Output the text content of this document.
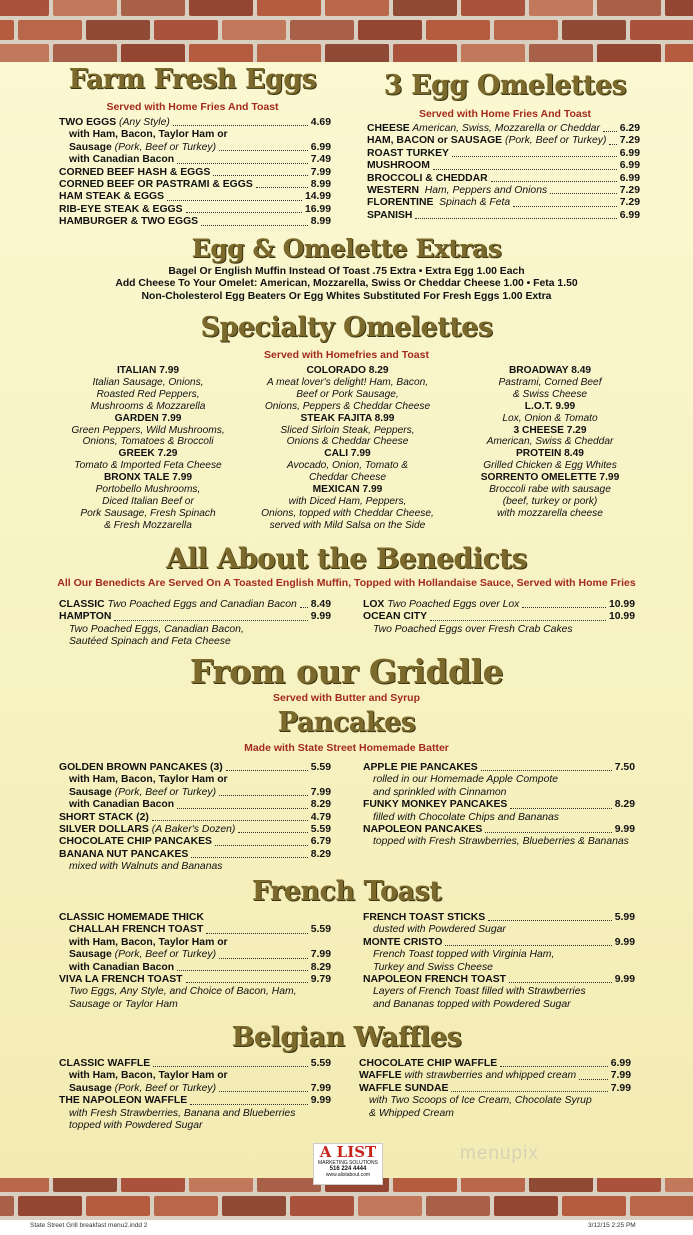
Farm Fresh Eggs
Served with Home Fries And Toast
TWO EGGS (Any Style)	4.69
with Ham, Bacon, Taylor Ham or
Sausage (Pork, Beef or Turkey)	6.99
with Canadian Bacon	7.49
CORNED BEEF HASH & EGGS	7.99
CORNED BEEF OR PASTRAMI & EGGS	8.99
HAM STEAK & EGGS	14.99
RIB-EYE STEAK & EGGS	16.99
HAMBURGER & TWO EGGS	8.99
3 Egg Omelettes
Served with Home Fries And Toast
CHEESE American, Swiss, Mozzarella or Cheddar 6.29
HAM, BACON or SAUSAGE (Pork, Beef or Turkey) 7.29
ROAST TURKEY	6.99
MUSHROOM	6.99
BROCCOLI & CHEDDAR	6.99
WESTERN Ham, Peppers and Onions	7.29
FLORENTINE Spinach & Feta	7.29
SPANISH	6.99
Egg & Omelette Extras
Bagel Or English Muffin Instead Of Toast .75 Extra • Extra Egg 1.00 Each
Add Cheese To Your Omelet: American, Mozzarella, Swiss Or Cheddar Cheese 1.00 • Feta 1.50
Non-Cholesterol Egg Beaters Or Egg Whites Substituted For Fresh Eggs 1.00 Extra
Specialty Omelettes
Served with Homefries and Toast
ITALIAN 7.99
Italian Sausage, Onions,
Roasted Red Peppers,
Mushrooms & Mozzarella
GARDEN 7.99
Green Peppers, Wild Mushrooms,
Onions, Tomatoes & Broccoli
GREEK 7.29
Tomato & Imported Feta Cheese
BRONX TALE 7.99
Portobello Mushrooms,
Diced Italian Beef or
Pork Sausage, Fresh Spinach
& Fresh Mozzarella
COLORADO 8.29
A meat lover's delight! Ham, Bacon,
Beef or Pork Sausage,
Onions, Peppers & Cheddar Cheese
STEAK FAJITA 8.99
Sliced Sirloin Steak, Peppers,
Onions & Cheddar Cheese
CALI 7.99
Avocado, Onion, Tomato &
Cheddar Cheese
MEXICAN 7.99
with Diced Ham, Peppers,
Onions, topped with Cheddar Cheese,
served with Mild Salsa on the Side
BROADWAY 8.49
Pastrami, Corned Beef
& Swiss Cheese
L.O.T. 9.99
Lox, Onion & Tomato
3 CHEESE 7.29
American, Swiss & Cheddar
PROTEIN 8.49
Grilled Chicken & Egg Whites
SORRENTO OMELETTE 7.99
Broccoli rabe with sausage
(beef, turkey or pork)
with mozzarella cheese
All About the Benedicts
All Our Benedicts Are Served On A Toasted English Muffin, Topped with Hollandaise Sauce, Served with Home Fries
CLASSIC Two Poached Eggs and Canadian Bacon 8.49
HAMPTON	9.99
Two Poached Eggs, Canadian Bacon,
Sautéed Spinach and Feta Cheese
LOX Two Poached Eggs over Lox	10.99
OCEAN CITY	10.99
Two Poached Eggs over Fresh Crab Cakes
From our Griddle
Served with Butter and Syrup
Pancakes
Made with State Street Homemade Batter
GOLDEN BROWN PANCAKES (3)	5.59
with Ham, Bacon, Taylor Ham or
Sausage (Pork, Beef or Turkey)	7.99
with Canadian Bacon	8.29
SHORT STACK (2)	4.79
SILVER DOLLARS (A Baker's Dozen)	5.59
CHOCOLATE CHIP PANCAKES	6.79
BANANA NUT PANCAKES	8.29
mixed with Walnuts and Bananas
APPLE PIE PANCAKES	7.50
rolled in our Homemade Apple Compote
and sprinkled with Cinnamon
FUNKY MONKEY PANCAKES	8.29
filled with Chocolate Chips and Bananas
NAPOLEON PANCAKES	9.99
topped with Fresh Strawberries, Blueberries & Bananas
French Toast
CLASSIC HOMEMADE THICK
CHALLAH FRENCH TOAST	5.59
with Ham, Bacon, Taylor Ham or
Sausage (Pork, Beef or Turkey)	7.99
with Canadian Bacon	8.29
VIVA LA FRENCH TOAST	9.79
Two Eggs, Any Style, and Choice of Bacon, Ham,
Sausage or Taylor Ham
FRENCH TOAST STICKS	5.99
dusted with Powdered Sugar
MONTE CRISTO	9.99
French Toast topped with Virginia Ham,
Turkey and Swiss Cheese
NAPOLEON FRENCH TOAST	9.99
Layers of French Toast filled with Strawberries
and Bananas topped with Powdered Sugar
Belgian Waffles
CLASSIC WAFFLE	5.59
with Ham, Bacon, Taylor Ham or
Sausage (Pork, Beef or Turkey)	7.99
THE NAPOLEON WAFFLE	9.99
with Fresh Strawberries, Banana and Blueberries
topped with Powdered Sugar
CHOCOLATE CHIP WAFFLE	6.99
WAFFLE with strawberries and whipped cream	7.99
WAFFLE SUNDAE	7.99
with Two Scoops of Ice Cream, Chocolate Syrup
& Whipped Cream
A LIST
MARKETING SOLUTIONS
516 224 4444
www.alistabout.com
menupix
State Street Grill breakfast menu2.indd 2	3/12/15 2:25 PM
